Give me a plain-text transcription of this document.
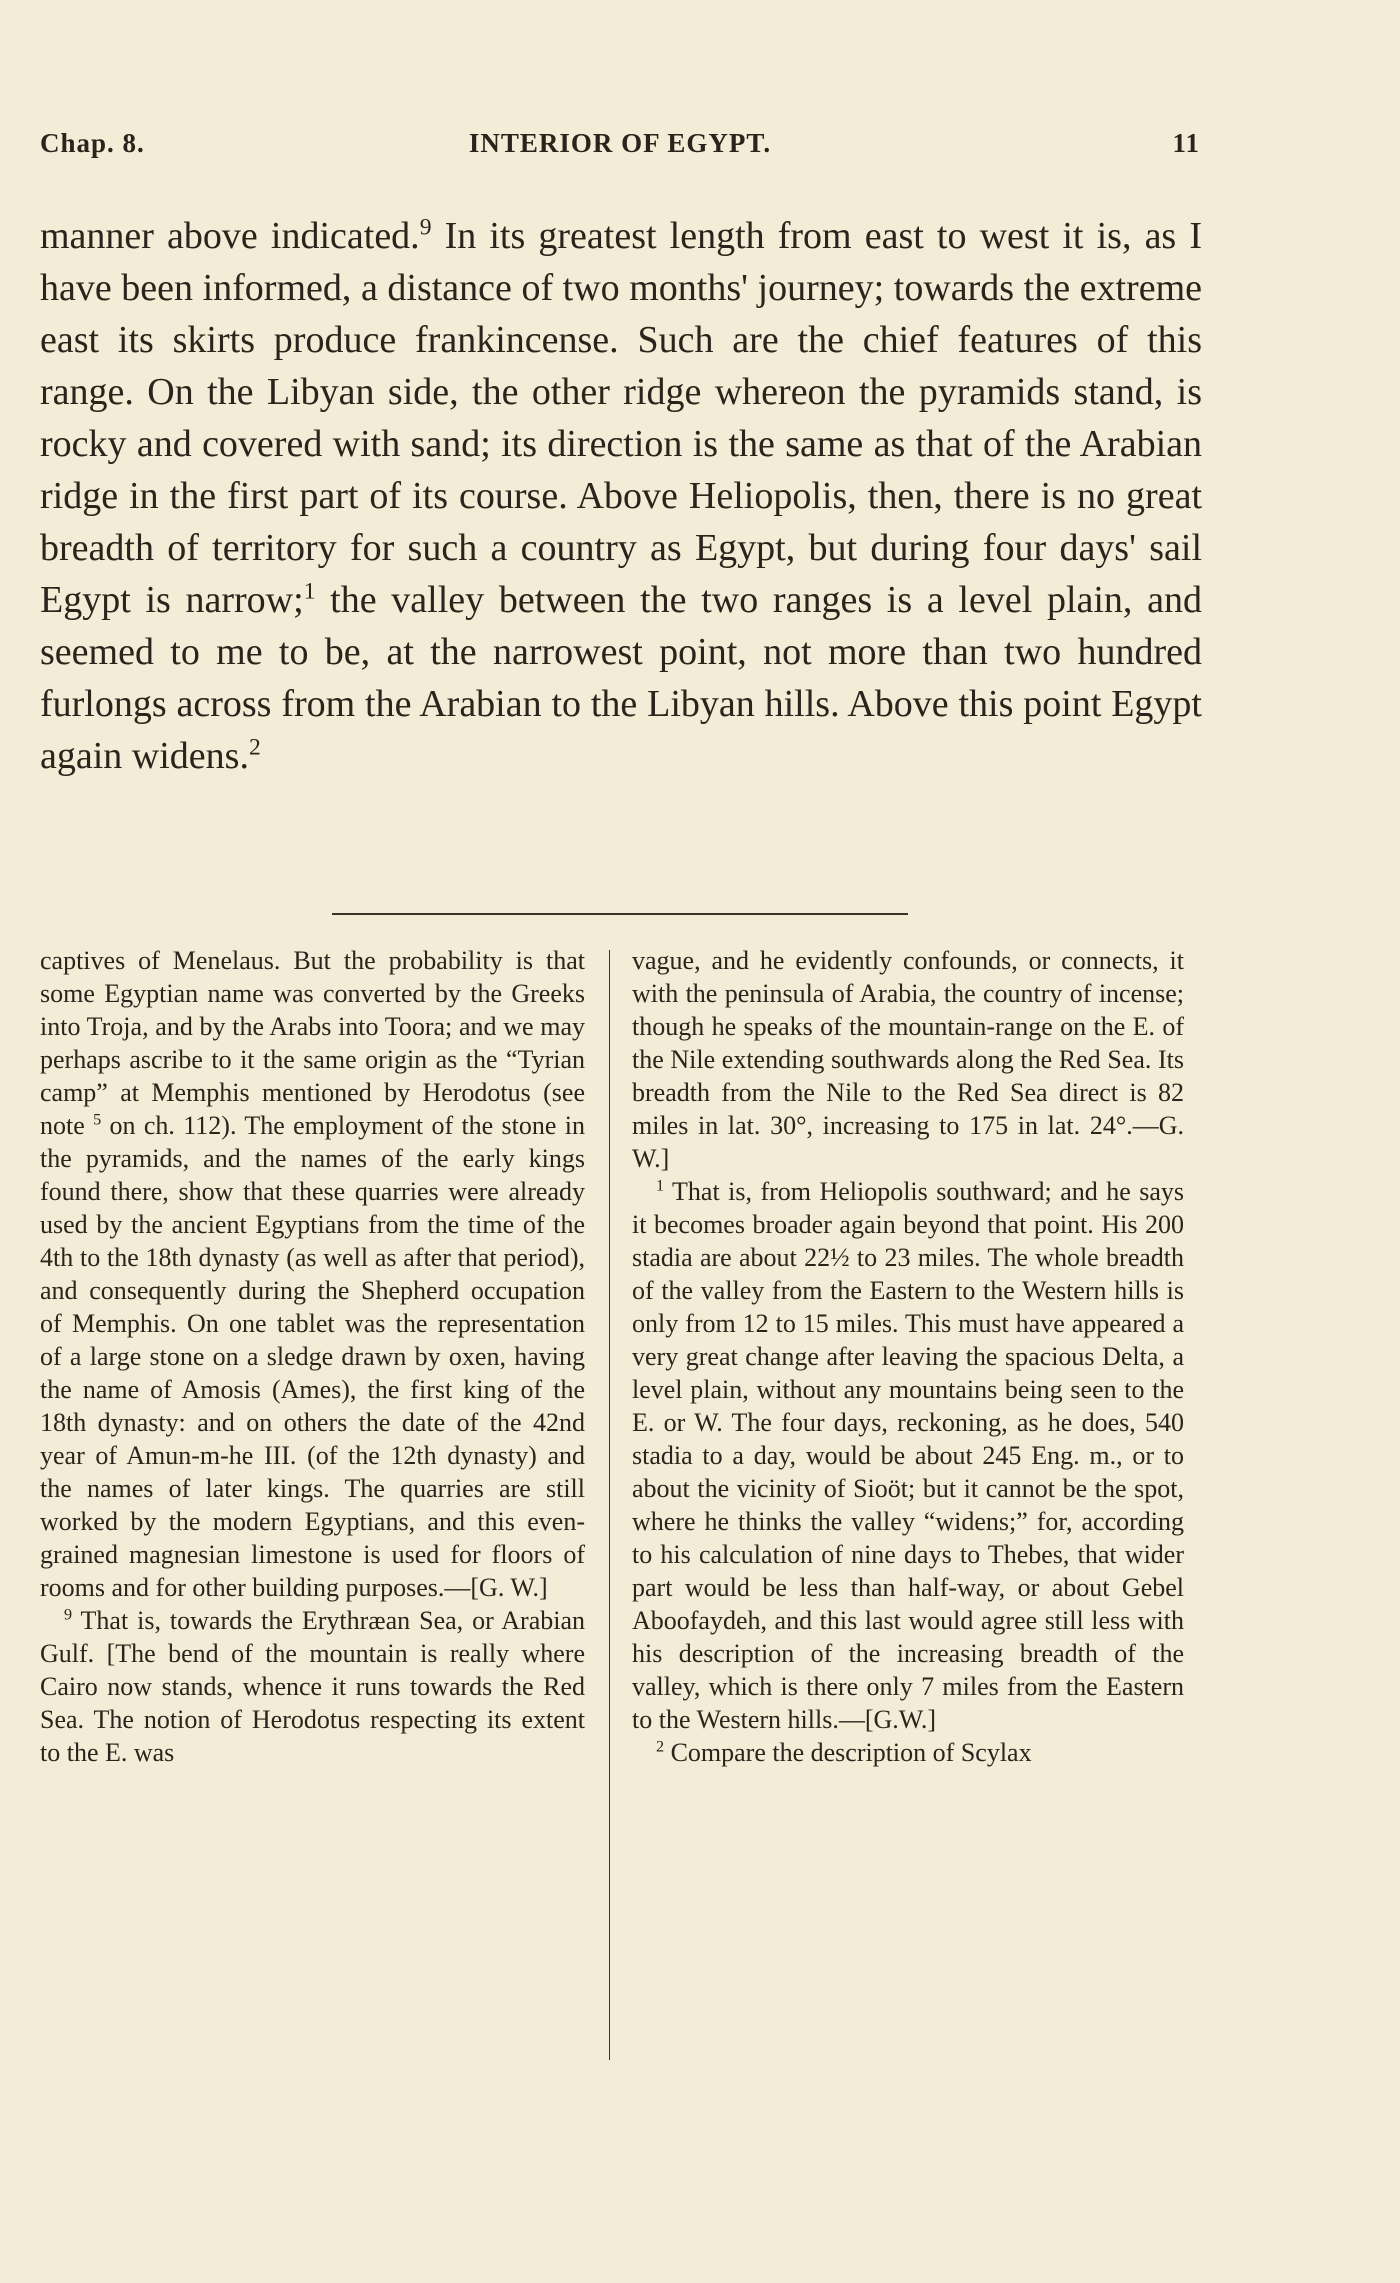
Chap. 8.	INTERIOR OF EGYPT.	11

manner above indicated.$^9$ In its greatest length from east to west it is, as I have been informed, a distance of two months' journey; towards the extreme east its skirts produce frankincense. Such are the chief features of this range. On the Libyan side, the other ridge whereon the pyramids stand, is rocky and covered with sand; its direction is the same as that of the Arabian ridge in the first part of its course. Above Heliopolis, then, there is no great breadth of territory for such a country as Egypt, but during four days' sail Egypt is narrow;$^1$ the valley between the two ranges is a level plain, and seemed to me to be, at the narrowest point, not more than two hundred furlongs across from the Arabian to the Libyan hills. Above this point Egypt again widens.$^2$

captives of Menelaus. But the probability is that some Egyptian name was converted by the Greeks into Troja, and by the Arabs into Toora; and we may perhaps ascribe to it the same origin as the “Tyrian camp” at Memphis mentioned by Herodotus (see note $^5$ on ch. 112). The employment of the stone in the pyramids, and the names of the early kings found there, show that these quarries were already used by the ancient Egyptians from the time of the 4th to the 18th dynasty (as well as after that period), and consequently during the Shepherd occupation of Memphis. On one tablet was the representation of a large stone on a sledge drawn by oxen, having the name of Amosis (Ames), the first king of the 18th dynasty: and on others the date of the 42nd year of Amun-m-he III. (of the 12th dynasty) and the names of later kings. The quarries are still worked by the modern Egyptians, and this even-grained magnesian limestone is used for floors of rooms and for other building purposes.—[G. W.]

$^9$ That is, towards the Erythræan Sea, or Arabian Gulf. [The bend of the mountain is really where Cairo now stands, whence it runs towards the Red Sea. The notion of Herodotus respecting its extent to the E. was

vague, and he evidently confounds, or connects, it with the peninsula of Arabia, the country of incense; though he speaks of the mountain-range on the E. of the Nile extending southwards along the Red Sea. Its breadth from the Nile to the Red Sea direct is 82 miles in lat. 30°, increasing to 175 in lat. 24°.—G. W.]

$^1$ That is, from Heliopolis southward; and he says it becomes broader again beyond that point. His 200 stadia are about 22½ to 23 miles. The whole breadth of the valley from the Eastern to the Western hills is only from 12 to 15 miles. This must have appeared a very great change after leaving the spacious Delta, a level plain, without any mountains being seen to the E. or W. The four days, reckoning, as he does, 540 stadia to a day, would be about 245 Eng. m., or to about the vicinity of Sioöt; but it cannot be the spot, where he thinks the valley “widens;” for, according to his calculation of nine days to Thebes, that wider part would be less than half-way, or about Gebel Aboofaydeh, and this last would agree still less with his description of the increasing breadth of the valley, which is there only 7 miles from the Eastern to the Western hills.—[G.W.]

$^2$ Compare the description of Scylax
